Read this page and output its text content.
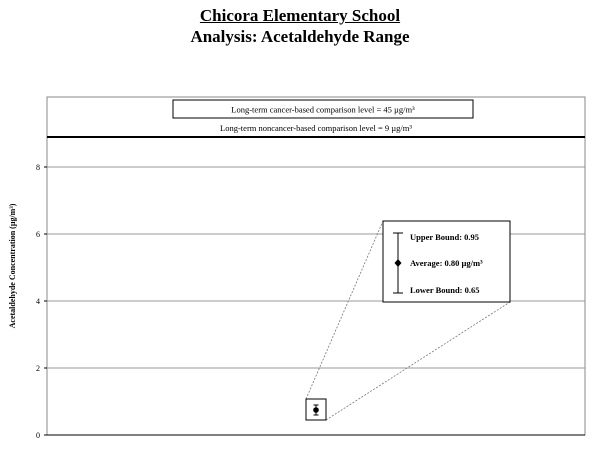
Chicora Elementary School
Analysis: Acetaldehyde Range
0
2
4
6
8
Long-term cancer-based comparison level = 45 µg/m³
Long-term noncancer-based comparison level = 9 µg/m³
Acetaldehyde Concentration (µg/m³)	Upper Bound: 0.95
Average: 0.80 µg/m³
Lower Bound: 0.65
